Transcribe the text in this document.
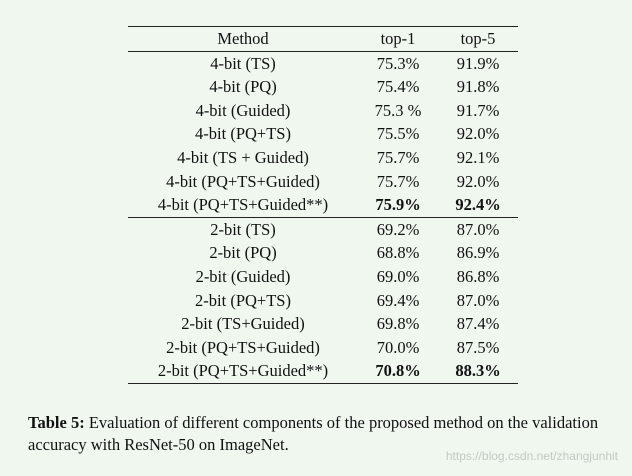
Method	top-1	top-5
4-bit (TS)	75.3%	91.9%
4-bit (PQ)	75.4%	91.8%
4-bit (Guided)	75.3 %	91.7%
4-bit (PQ+TS)	75.5%	92.0%
4-bit (TS + Guided)	75.7%	92.1%
4-bit (PQ+TS+Guided)	75.7%	92.0%
4-bit (PQ+TS+Guided**)	75.9%	92.4%
2-bit (TS)	69.2%	87.0%
2-bit (PQ)	68.8%	86.9%
2-bit (Guided)	69.0%	86.8%
2-bit (PQ+TS)	69.4%	87.0%
2-bit (TS+Guided)	69.8%	87.4%
2-bit (PQ+TS+Guided)	70.0%	87.5%
2-bit (PQ+TS+Guided**)	70.8%	88.3%
Table 5: Evaluation of different components of the proposed method on the validation accuracy with ResNet-50 on ImageNet.
https://blog.csdn.net/zhangjunhit
